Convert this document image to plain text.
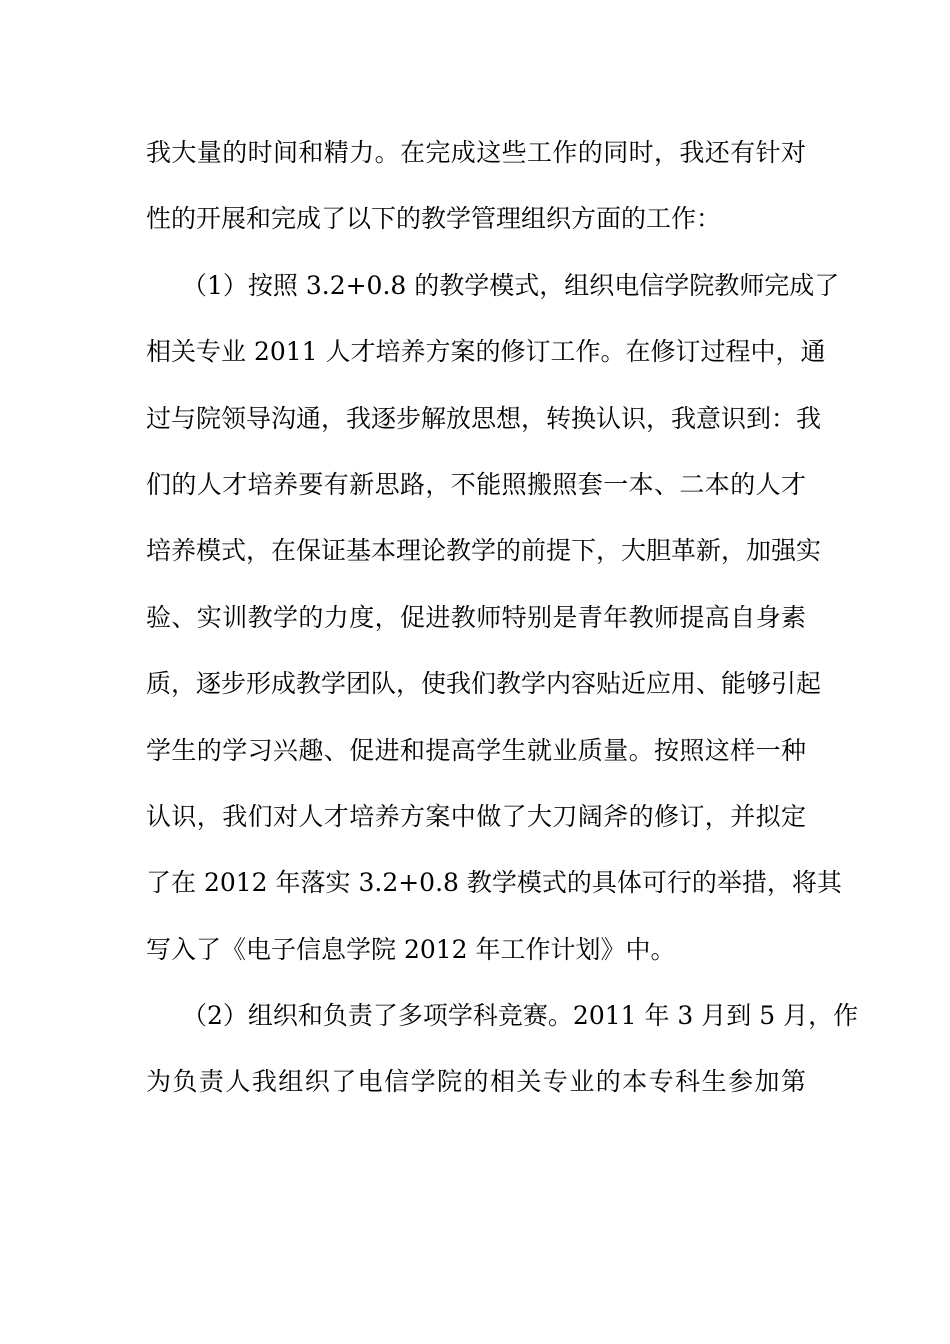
我大量的时间和精力。在完成这些工作的同时，我还有针对
性的开展和完成了以下的教学管理组织方面的工作：
（1）按照 3.2+0.8 的教学模式，组织电信学院教师完成了
相关专业 2011 人才培养方案的修订工作。在修订过程中，通
过与院领导沟通，我逐步解放思想，转换认识，我意识到：我
们的人才培养要有新思路，不能照搬照套一本、二本的人才
培养模式，在保证基本理论教学的前提下，大胆革新，加强实
验、实训教学的力度，促进教师特别是青年教师提高自身素
质，逐步形成教学团队，使我们教学内容贴近应用、能够引起
学生的学习兴趣、促进和提高学生就业质量。按照这样一种
认识，我们对人才培养方案中做了大刀阔斧的修订，并拟定
了在 2012 年落实 3.2+0.8 教学模式的具体可行的举措，将其
写入了《电子信息学院 2012 年工作计划》中。
（2）组织和负责了多项学科竞赛。2011 年 3 月到 5 月，作
为负责人我组织了电信学院的相关专业的本专科生参加第
